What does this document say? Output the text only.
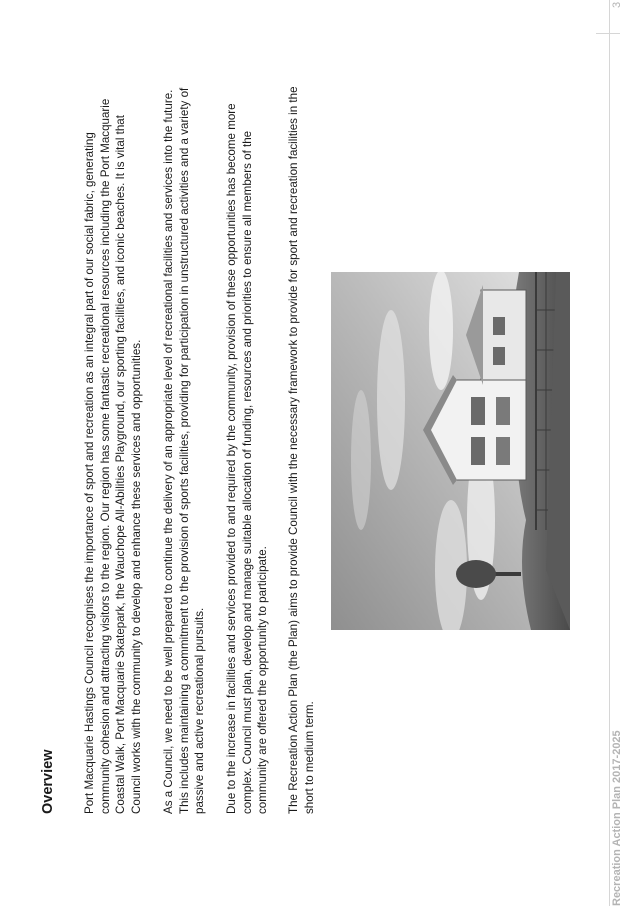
Overview Port Macquarie Hastings Council recognises the importance of sport and recreation as an integral part of our social fabric, generating community cohesion and attracting visitors to the region. Our region has some fantastic recreational resources including the Port Macquarie Coastal Walk, Port Macquarie Skatepark, the Wauchope All-Abilities Playground, our sporting facilities, and iconic beaches. It is vital that Council works with the community to develop and enhance these services and opportunities. As a Council, we need to be well prepared to continue the delivery of an appropriate level of recreational facilities and services into the future. This includes maintaining a commitment to the provision of sports facilities, providing for participation in unstructured activities and a variety of passive and active recreational pursuits. Due to the increase in facilities and services provided to and required by the community, provision of these opportunities has become more complex. Council must plan, develop and manage suitable allocation of funding, resources and priorities to ensure all members of the community are offered the opportunity to participate. The Recreation Action Plan (the Plan) aims to provide Council with the necessary framework to provide for sport and recreation facilities in the short to medium term.	Recreation Action Plan 2017-2025
3
